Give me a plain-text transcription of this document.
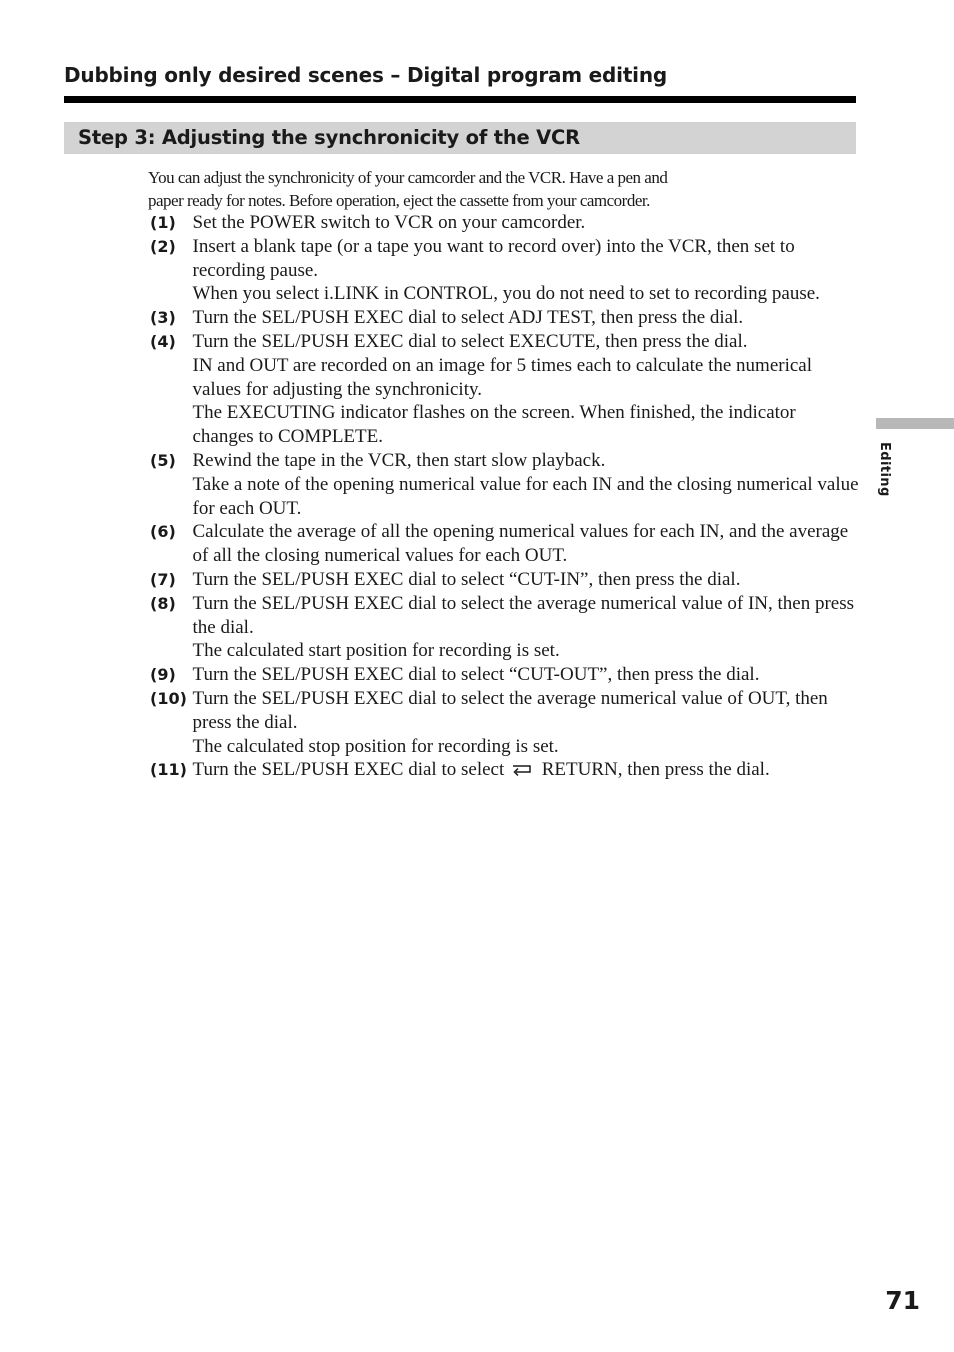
Dubbing only desired scenes – Digital program editing
Step 3: Adjusting the synchronicity of the VCR

You can adjust the synchronicity of your camcorder and the VCR. Have a pen and

paper ready for notes. Before operation, eject the cassette from your camcorder.

(1) Set the POWER switch to VCR on your camcorder.

(2) Insert a blank tape (or a tape you want to record over) into the VCR, then set to recording pause.

When you select i.LINK in CONTROL, you do not need to set to recording pause.

(3) Turn the SEL/PUSH EXEC dial to select ADJ TEST, then press the dial.

(4) Turn the SEL/PUSH EXEC dial to select EXECUTE, then press the dial.

IN and OUT are recorded on an image for 5 times each to calculate the numerical values for adjusting the synchronicity.

The EXECUTING indicator flashes on the screen. When finished, the indicator changes to COMPLETE.

(5) Rewind the tape in the VCR, then start slow playback.

Take a note of the opening numerical value for each IN and the closing numerical value for each OUT.

(6) Calculate the average of all the opening numerical values for each IN, and the average of all the closing numerical values for each OUT.

(7) Turn the SEL/PUSH EXEC dial to select “CUT-IN”, then press the dial.

(8) Turn the SEL/PUSH EXEC dial to select the average numerical value of IN, then press the dial.

The calculated start position for recording is set.

(9) Turn the SEL/PUSH EXEC dial to select “CUT-OUT”, then press the dial.

(10) Turn the SEL/PUSH EXEC dial to select the average numerical value of OUT, then press the dial.

The calculated stop position for recording is set.

(11) Turn the SEL/PUSH EXEC dial to select RETURN, then press the dial.

Editing
71
